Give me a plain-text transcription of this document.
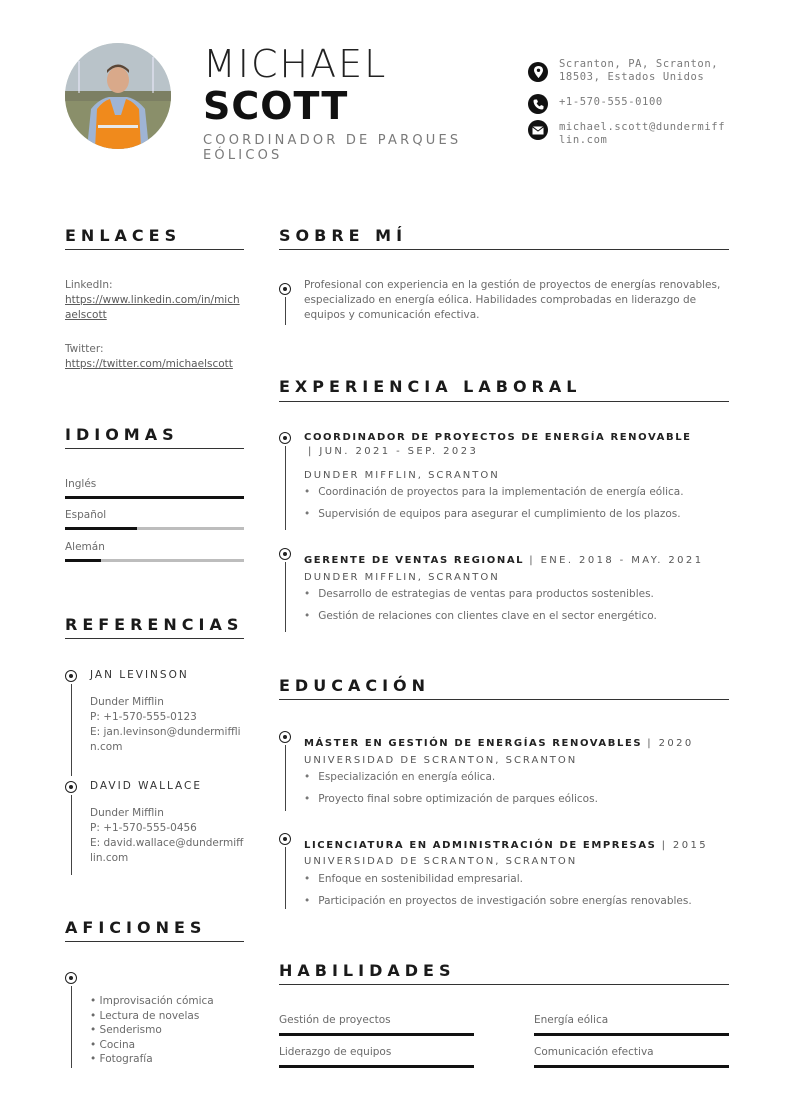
MICHAEL
SCOTT
COORDINADOR DE PARQUES EÓLICOS
Scranton, PA, Scranton, 18503, Estados Unidos
+1-570-555-0100
michael.scott@dundermifflin.com
ENLACES
LinkedIn:
https://www.linkedin.com/in/michaelscott
Twitter:
https://twitter.com/michaelscott
IDIOMAS
Inglés
Español
Alemán
REFERENCIAS
JAN LEVINSON
Dunder Mifflin
P: +1-570-555-0123
E: jan.levinson@dundermifflin.com
DAVID WALLACE
Dunder Mifflin
P: +1-570-555-0456
E: david.wallace@dundermifflin.com
AFICIONES
• Improvisación cómica
• Lectura de novelas
• Senderismo
• Cocina
• Fotografía
SOBRE MÍ
Profesional con experiencia en la gestión de proyectos de energías renovables, especializado en energía eólica. Habilidades comprobadas en liderazgo de equipos y comunicación efectiva.
EXPERIENCIA LABORAL
COORDINADOR DE PROYECTOS DE ENERGÍA RENOVABLE
| JUN. 2021 - SEP. 2023
DUNDER MIFFLIN, SCRANTON
• Coordinación de proyectos para la implementación de energía eólica.
• Supervisión de equipos para asegurar el cumplimiento de los plazos.
GERENTE DE VENTAS REGIONAL | ENE. 2018 - MAY. 2021
DUNDER MIFFLIN, SCRANTON
• Desarrollo de estrategias de ventas para productos sostenibles.
• Gestión de relaciones con clientes clave en el sector energético.
EDUCACIÓN
MÁSTER EN GESTIÓN DE ENERGÍAS RENOVABLES | 2020
UNIVERSIDAD DE SCRANTON, SCRANTON
• Especialización en energía eólica.
• Proyecto final sobre optimización de parques eólicos.
LICENCIATURA EN ADMINISTRACIÓN DE EMPRESAS | 2015
UNIVERSIDAD DE SCRANTON, SCRANTON
• Enfoque en sostenibilidad empresarial.
• Participación en proyectos de investigación sobre energías renovables.
HABILIDADES
Gestión de proyectos	Energía eólica
Liderazgo de equipos	Comunicación efectiva
